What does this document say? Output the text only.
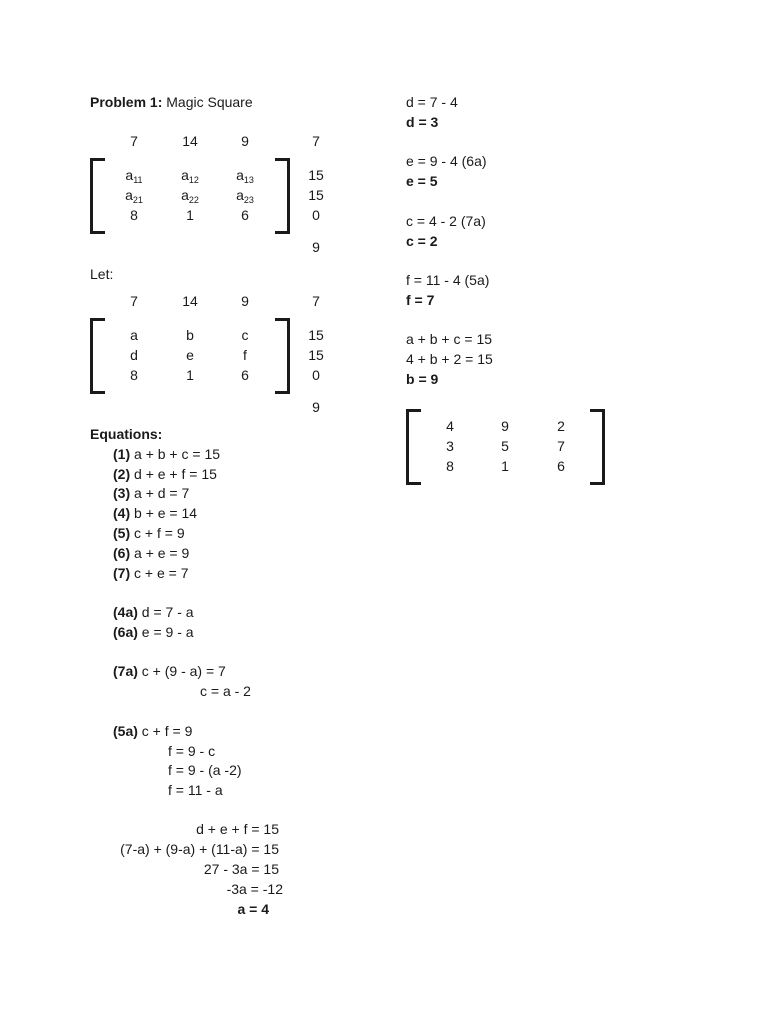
Problem 1: Magic Square
7	14	9	7
$a_{11}$	$a_{12}$	$a_{13}$	15
$a_{21}$	$a_{22}$	$a_{23}$	15
8	1	6	0
9
Let:
7	14	9	7
a	b	c	15
d	e	f	15
8	1	6	0
9
Equations:
(1) a + b + c = 15
(2) d + e + f = 15
(3) a + d = 7
(4) b + e = 14
(5) c + f = 9
(6) a + e = 9
(7) c + e = 7
(4a) d = 7 - a
(6a) e = 9 - a
(7a) c + (9 - a) = 7
c = a - 2
(5a) c + f = 9
f = 9 - c
f = 9 - (a -2)
f = 11 - a
d + e + f = 15
(7-a) + (9-a) + (11-a) = 15
27 - 3a = 15
-3a = -12
a = 4
d = 7 - 4
d = 3
e = 9 - 4 (6a)
e = 5
c = 4 - 2 (7a)
c = 2
f = 11 - 4 (5a)
f = 7
a + b + c = 15
4 + b + 2 = 15
b = 9
4	9	2
3	5	7
8	1	6
